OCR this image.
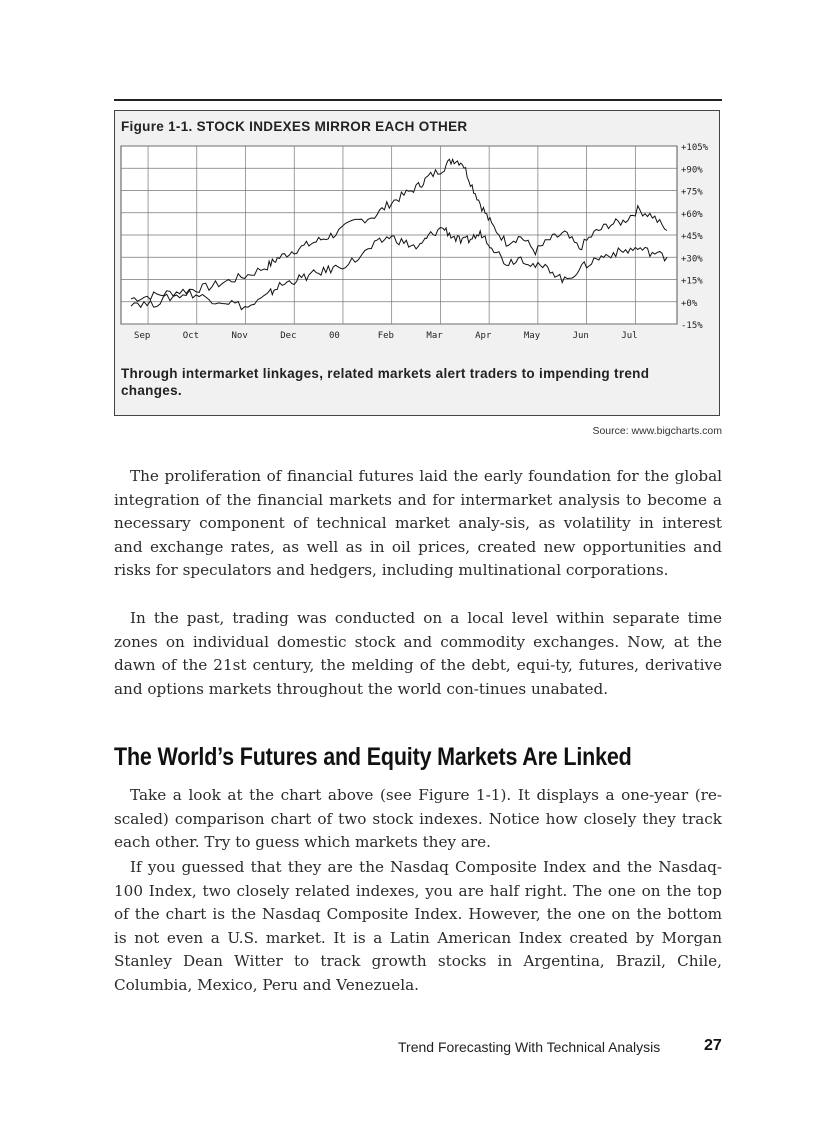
+105%
+90%
+75%
+60%
+45%
+30%
+15%
+0%
-15%
Sep	Oct	Nov	Dec	00	Feb	Mar	Apr	May	Jun	Jul
Figure 1-1. STOCK INDEXES MIRROR EACH OTHER
Through intermarket linkages, related markets alert traders to impending trend changes.
Source: www.bigcharts.com

The proliferation of financial futures laid the early foundation for the global integration of the financial markets and for intermarket analysis to become a necessary component of technical market analy-sis, as volatility in interest and exchange rates, as well as in oil prices, created new opportunities and risks for speculators and hedgers, including multinational corporations.

In the past, trading was conducted on a local level within separate time zones on individual domestic stock and commodity exchanges. Now, at the dawn of the 21st century, the melding of the debt, equi-ty, futures, derivative and options markets throughout the world con-tinues unabated.

The World’s Futures and Equity Markets Are Linked

Take a look at the chart above (see Figure 1-1). It displays a one-year (re-scaled) comparison chart of two stock indexes. Notice how closely they track each other. Try to guess which markets they are.

If you guessed that they are the Nasdaq Composite Index and the Nasdaq-100 Index, two closely related indexes, you are half right. The one on the top of the chart is the Nasdaq Composite Index. However, the one on the bottom is not even a U.S. market. It is a Latin American Index created by Morgan Stanley Dean Witter to track growth stocks in Argentina, Brazil, Chile, Columbia, Mexico, Peru and Venezuela.

Trend Forecasting With Technical Analysis	27
